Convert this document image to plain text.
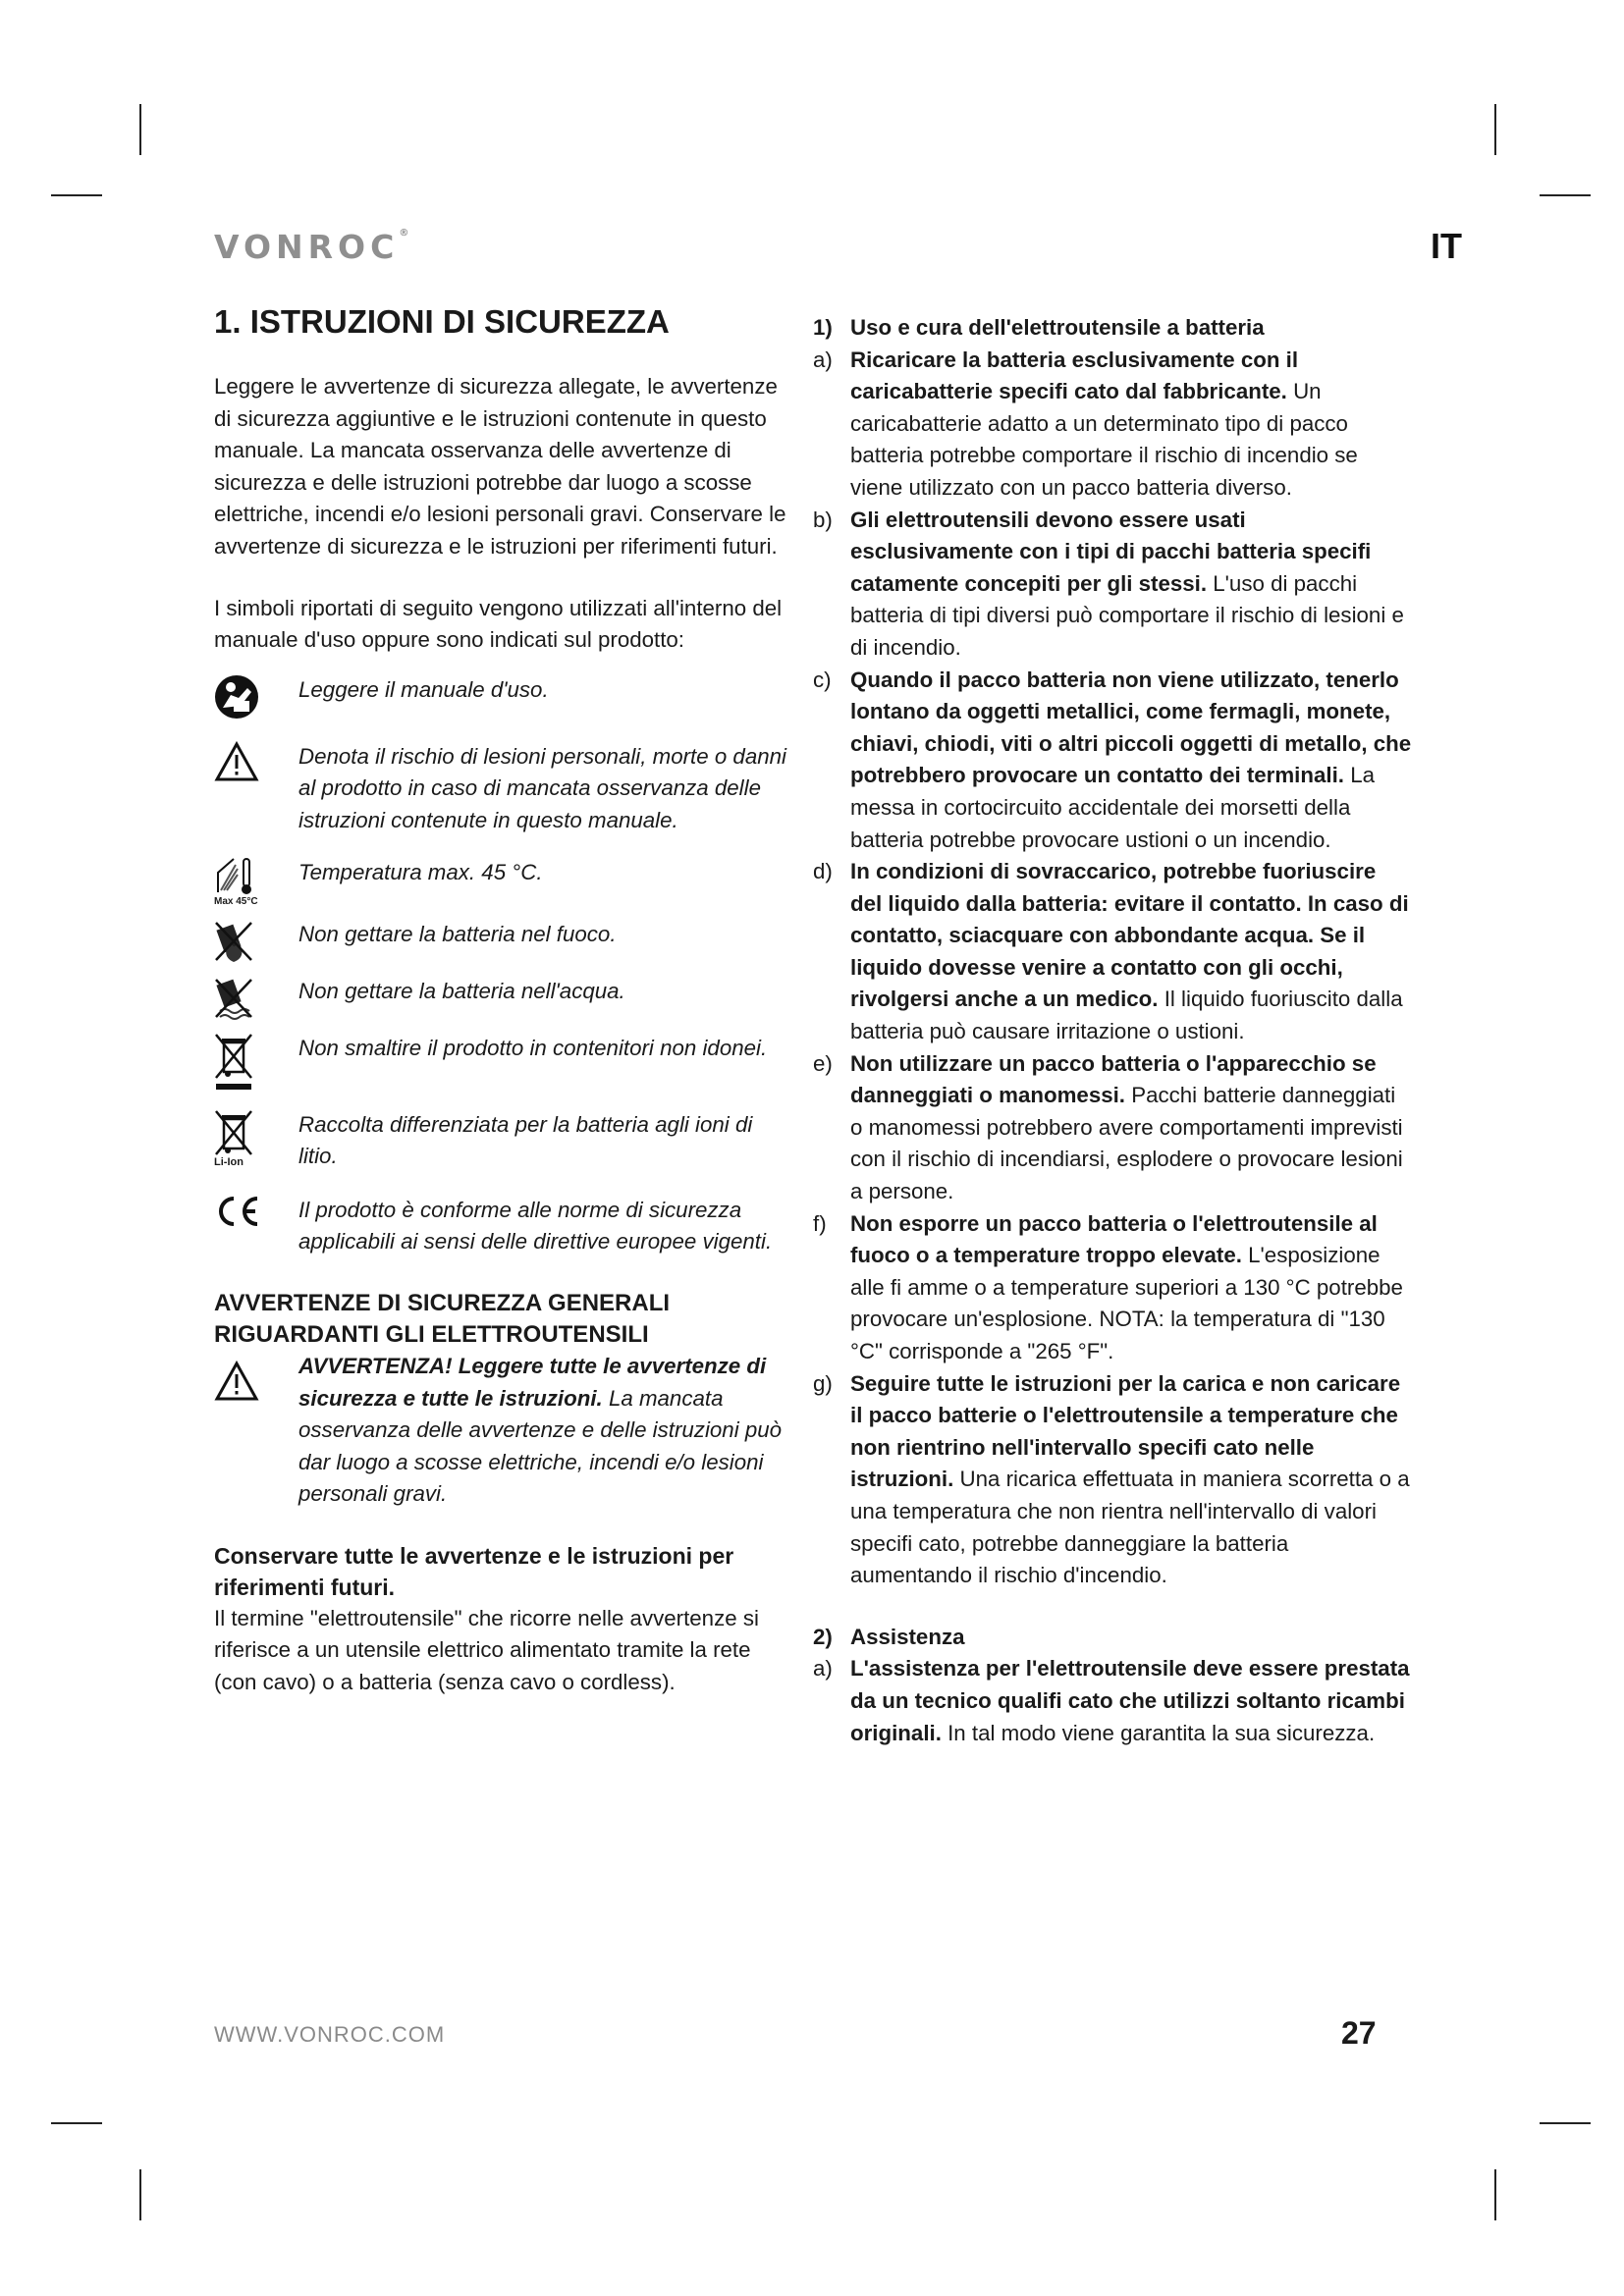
VONROC®	IT
1. ISTRUZIONI DI SICUREZZA

Leggere le avvertenze di sicurezza allegate, le avvertenze di sicurezza aggiuntive e le istruzioni contenute in questo manuale. La mancata osservanza delle avvertenze di sicurezza e delle istruzioni potrebbe dar luogo a scosse elettriche, incendi e/o lesioni personali gravi. Conservare le avvertenze di sicurezza e le istruzioni per riferimenti futuri.

I simboli riportati di seguito vengono utilizzati all'interno del manuale d'uso oppure sono indicati sul prodotto:

Leggere il manuale d'uso.
Denota il rischio di lesioni personali, morte o danni al prodotto in caso di mancata osservanza delle istruzioni contenute in questo manuale.
Max 45°C
Temperatura max. 45 °C.
Non gettare la batteria nel fuoco.
Non gettare la batteria nell'acqua.
Non smaltire il prodotto in contenitori non idonei.
Li-Ion
Raccolta differenziata per la batteria agli ioni di litio.
Il prodotto è conforme alle norme di sicurezza applicabili ai sensi delle direttive europee vigenti.
AVVERTENZE DI SICUREZZA GENERALI RIGUARDANTI GLI ELETTROUTENSILI
AVVERTENZA! Leggere tutte le avvertenze di sicurezza e tutte le istruzioni. La mancata osservanza delle avvertenze e delle istruzioni può dar luogo a scosse elettriche, incendi e/o lesioni personali gravi.

Conservare tutte le avvertenze e le istruzioni per riferimenti futuri.

Il termine "elettroutensile" che ricorre nelle avvertenze si riferisce a un utensile elettrico alimentato tramite la rete (con cavo) o a batteria (senza cavo o cordless).

1) Uso e cura dell'elettroutensile a batteria
a) Ricaricare la batteria esclusivamente con il caricabatterie specifi cato dal fabbricante. Un caricabatterie adatto a un determinato tipo di pacco batteria potrebbe comportare il rischio di incendio se viene utilizzato con un pacco batteria diverso.
b) Gli elettroutensili devono essere usati esclusivamente con i tipi di pacchi batteria specifi catamente concepiti per gli stessi. L'uso di pacchi batteria di tipi diversi può comportare il rischio di lesioni e di incendio.
c) Quando il pacco batteria non viene utilizzato, tenerlo lontano da oggetti metallici, come fermagli, monete, chiavi, chiodi, viti o altri piccoli oggetti di metallo, che potrebbero provocare un contatto dei terminali. La messa in cortocircuito accidentale dei morsetti della batteria potrebbe provocare ustioni o un incendio.
d) In condizioni di sovraccarico, potrebbe fuoriuscire del liquido dalla batteria: evitare il contatto. In caso di contatto, sciacquare con abbondante acqua. Se il liquido dovesse venire a contatto con gli occhi, rivolgersi anche a un medico. Il liquido fuoriuscito dalla batteria può causare irritazione o ustioni.
e) Non utilizzare un pacco batteria o l'apparecchio se danneggiati o manomessi. Pacchi batterie danneggiati o manomessi potrebbero avere comportamenti imprevisti con il rischio di incendiarsi, esplodere o provocare lesioni a persone.
f)	Non esporre un pacco batteria o l'elettroutensile al fuoco o a temperature troppo elevate. L'esposizione alle fi amme o a temperature superiori a 130 °C potrebbe provocare un'esplosione. NOTA: la temperatura di "130 °C" corrisponde a "265 °F".
g) Seguire tutte le istruzioni per la carica e non caricare il pacco batterie o l'elettroutensile a temperature che non rientrino nell'intervallo specifi cato nelle istruzioni. Una ricarica effettuata in maniera scorretta o a una temperatura che non rientra nell'intervallo di valori specifi cato, potrebbe danneggiare la batteria aumentando il rischio d'incendio.
2) Assistenza
a) L'assistenza per l'elettroutensile deve essere prestata da un tecnico qualifi cato che utilizzi soltanto ricambi originali. In tal modo viene garantita la sua sicurezza.
WWW.VONROC.COM	27
